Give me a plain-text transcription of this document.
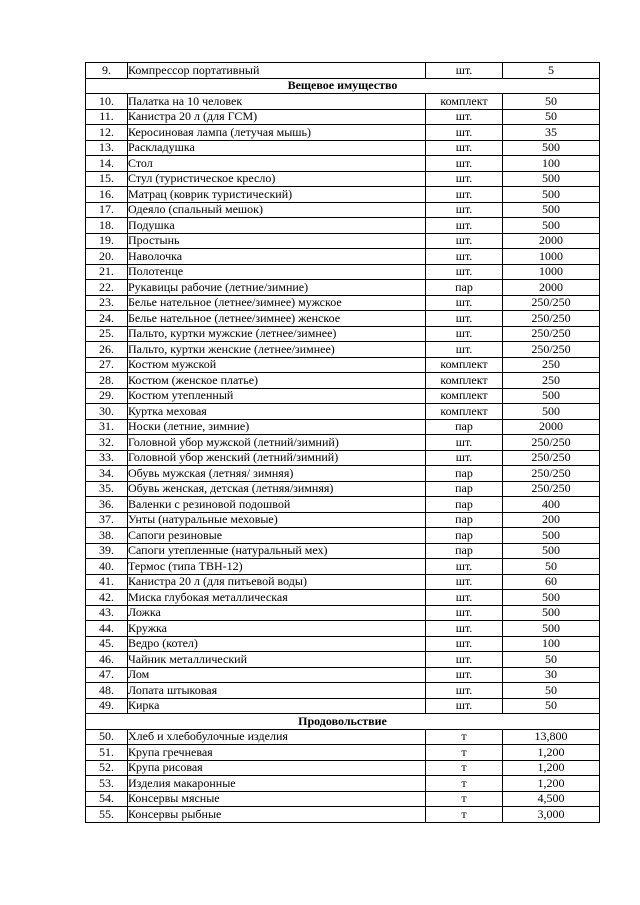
9.	Компрессор портативный	шт.	5
Вещевое имущество			
10.	Палатка на 10 человек	комплект	50
11.	Канистра 20 л (для ГСМ)	шт.	50
12.	Керосиновая лампа (летучая мышь)	шт.	35
13.	Раскладушка	шт.	500
14.	Стол	шт.	100
15.	Стул (туристическое кресло)	шт.	500
16.	Матрац (коврик туристический)	шт.	500
17.	Одеяло (спальный мешок)	шт.	500
18.	Подушка	шт.	500
19.	Простынь	шт.	2000
20.	Наволочка	шт.	1000
21.	Полотенце	шт.	1000
22.	Рукавицы рабочие (летние/зимние)	пар	2000
23.	Белье нательное (летнее/зимнее) мужское	шт.	250/250
24.	Белье нательное (летнее/зимнее) женское	шт.	250/250
25.	Пальто, куртки мужские (летнее/зимнее)	шт.	250/250
26.	Пальто, куртки женские (летнее/зимнее)	шт.	250/250
27.	Костюм мужской	комплект	250
28.	Костюм (женское платье)	комплект	250
29.	Костюм утепленный	комплект	500
30.	Куртка меховая	комплект	500
31.	Носки (летние, зимние)	пар	2000
32.	Головной убор мужской (летний/зимний)	шт.	250/250
33.	Головной убор женский (летний/зимний)	шт.	250/250
34.	Обувь мужская (летняя/ зимняя)	пар	250/250
35.	Обувь женская, детская (летняя/зимняя)	пар	250/250
36.	Валенки с резиновой подошвой	пар	400
37.	Унты (натуральные меховые)	пар	200
38.	Сапоги резиновые	пар	500
39.	Сапоги утепленные (натуральный мех)	пар	500
40.	Термос (типа ТВН-12)	шт.	50
41.	Канистра 20 л (для питьевой воды)	шт.	60
42.	Миска глубокая металлическая	шт.	500
43.	Ложка	шт.	500
44.	Кружка	шт.	500
45.	Ведро (котел)	шт.	100
46.	Чайник металлический	шт.	50
47.	Лом	шт.	30
48.	Лопата штыковая	шт.	50
49.	Кирка	шт.	50
Продовольствие			
50.	Хлеб и хлебобулочные изделия	т	13,800
51.	Крупа гречневая	т	1,200
52.	Крупа рисовая	т	1,200
53.	Изделия макаронные	т	1,200
54.	Консервы мясные	т	4,500
55.	Консервы рыбные	т	3,000
